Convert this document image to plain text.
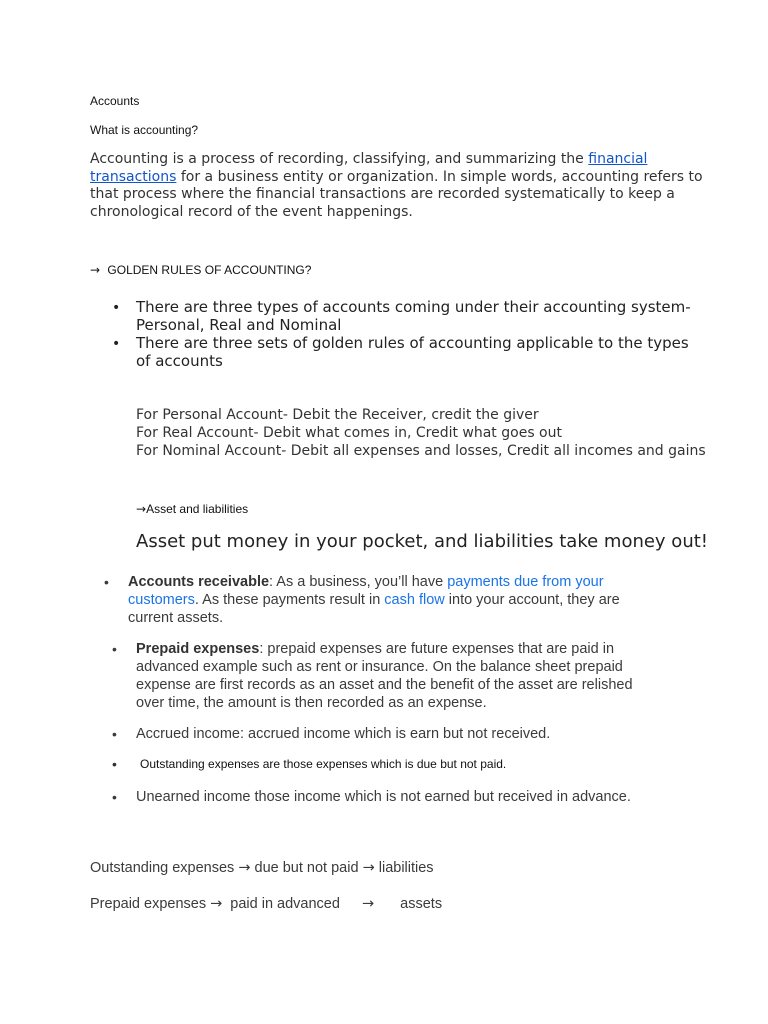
Accounts
What is accounting?
Accounting is a process of recording, classifying, and summarizing the financial
transactions for a business entity or organization. In simple words, accounting refers to
that process where the financial transactions are recorded systematically to keep a
chronological record of the event happenings.
→ GOLDEN RULES OF ACCOUNTING?
• There are three types of accounts coming under their accounting system-
Personal, Real and Nominal
• There are three sets of golden rules of accounting applicable to the types
of accounts
For Personal Account- Debit the Receiver, credit the giver
For Real Account- Debit what comes in, Credit what goes out
For Nominal Account- Debit all expenses and losses, Credit all incomes and gains
→Asset and liabilities
Asset put money in your pocket, and liabilities take money out!
• Accounts receivable: As a business, you’ll have payments due from your
customers. As these payments result in cash flow into your account, they are
current assets.
• Prepaid expenses: prepaid expenses are future expenses that are paid in
advanced example such as rent or insurance. On the balance sheet prepaid
expense are first records as an asset and the benefit of the asset are relished
over time, the amount is then recorded as an expense.
•	Accrued income: accrued income which is earn but not received.
•	Outstanding expenses are those expenses which is due but not paid.
•	Unearned income those income which is not earned but received in advance.
Outstanding expenses → due but not paid → liabilities
Prepaid expenses → paid in advanced → assets
